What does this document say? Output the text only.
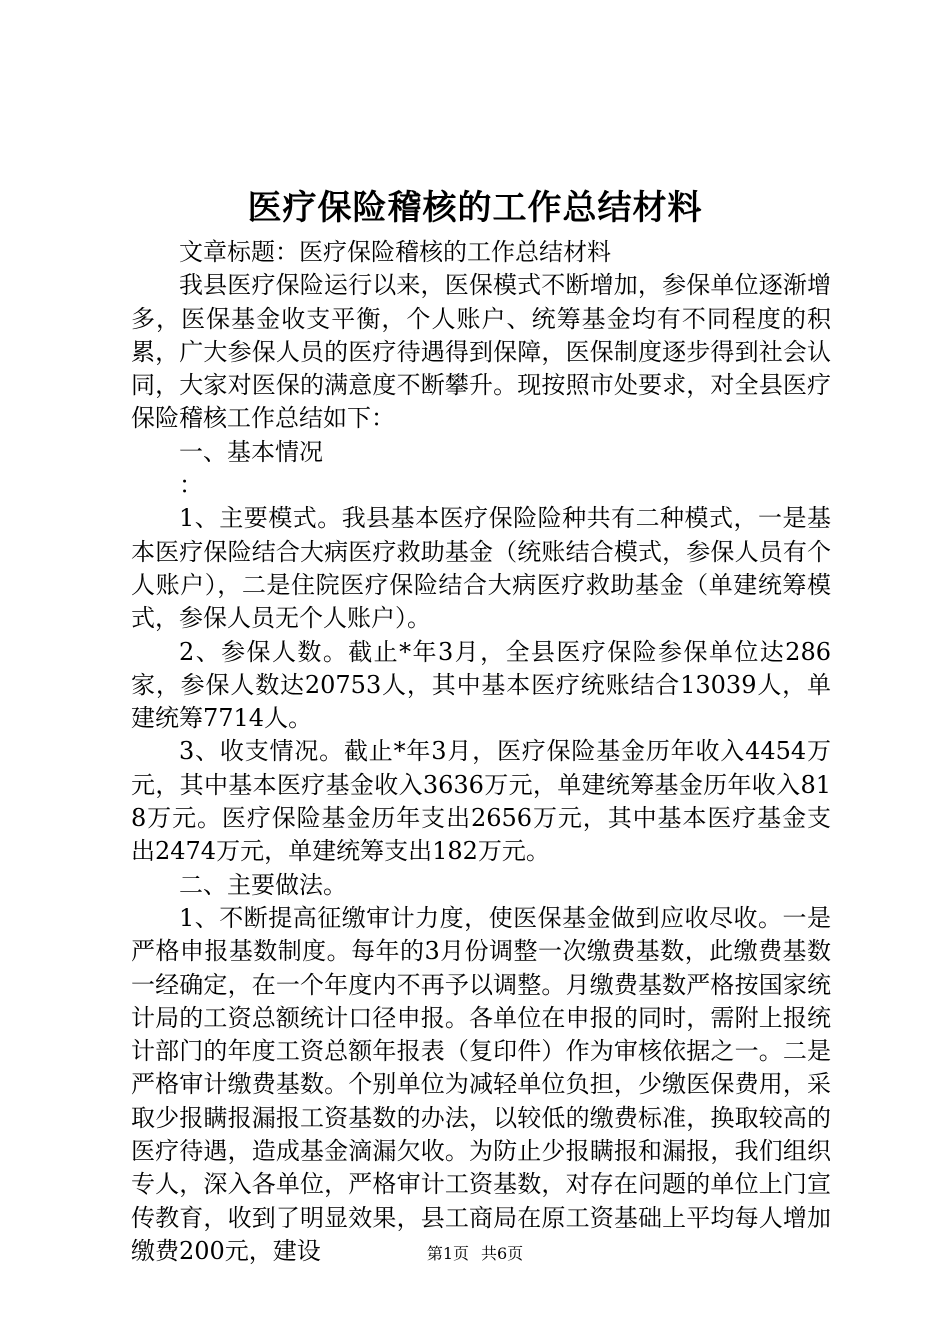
医疗保险稽核的工作总结材料

文章标题：医疗保险稽核的工作总结材料

我县医疗保险运行以来，医保模式不断增加，参保单位逐渐增多，医保基金收支平衡，个人账户、统筹基金均有不同程度的积累，广大参保人员的医疗待遇得到保障，医保制度逐步得到社会认同，大家对医保的满意度不断攀升。现按照市处要求，对全县医疗保险稽核工作总结如下：

一、基本情况

：

1、主要模式。我县基本医疗保险险种共有二种模式，一是基本医疗保险结合大病医疗救助基金（统账结合模式，参保人员有个人账户），二是住院医疗保险结合大病医疗救助基金（单建统筹模式，参保人员无个人账户）。

2、参保人数。截止*年3月，全县医疗保险参保单位达286家，参保人数达20753人，其中基本医疗统账结合13039人，单建统筹7714人。

3、收支情况。截止*年3月，医疗保险基金历年收入4454万元，其中基本医疗基金收入3636万元，单建统筹基金历年收入818万元。医疗保险基金历年支出2656万元，其中基本医疗基金支出2474万元，单建统筹支出182万元。

二、主要做法。

1、不断提高征缴审计力度，使医保基金做到应收尽收。一是严格申报基数制度。每年的3月份调整一次缴费基数，此缴费基数一经确定，在一个年度内不再予以调整。月缴费基数严格按国家统计局的工资总额统计口径申报。各单位在申报的同时，需附上报统计部门的年度工资总额年报表（复印件）作为审核依据之一。二是严格审计缴费基数。个别单位为减轻单位负担，少缴医保费用，采取少报瞒报漏报工资基数的办法，以较低的缴费标准，换取较高的医疗待遇，造成基金滴漏欠收。为防止少报瞒报和漏报，我们组织专人，深入各单位，严格审计工资基数，对存在问题的单位上门宣传教育，收到了明显效果，县工商局在原工资基础上平均每人增加缴费200元，建设	第1页 共6页
